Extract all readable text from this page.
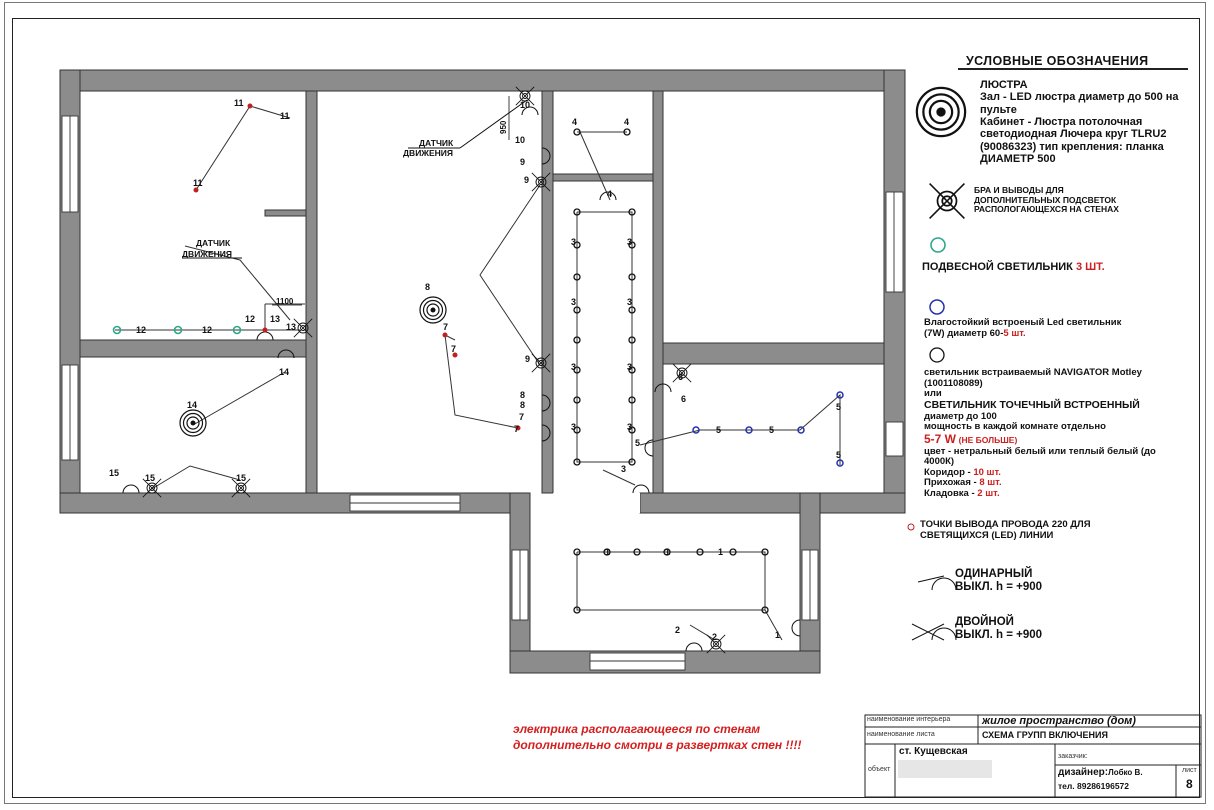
11
11
11
12	12
12 13
13
14
14
15	15	15
8
7
7
7
7
10
10
9
9
9
8
8
4	4
4
3	3
3	3
3	3
3	3
3
6
6
5
5	5
5
5
1	1	1
1
2
2
1100
950
ДАТЧИК
ДВИЖЕНИЯ
ДАТЧИК
ДВИЖЕНИЯ
УСЛОВНЫЕ ОБОЗНАЧЕНИЯ
ЛЮСТРА
Зал - LED люстра диаметр до 500 на пульте
Кабинет - Люстра потолочная светодиодная Лючера круг TLRU2 (90086323) тип крепления: планка ДИАМЕТР 500
БРА И ВЫВОДЫ ДЛЯ ДОПОЛНИТЕЛЬНЫХ ПОДСВЕТОК РАСПОЛОГАЮЩЕХСЯ НА СТЕНАХ
ПОДВЕСНОЙ СВЕТИЛЬНИК 3 ШТ.
Влагостойкий встроеный Led светильник (7W) диаметр 60-5 шт.
светильник встраиваемый NAVIGATOR Motley (1001108089)
или
СВЕТИЛЬНИК ТОЧЕЧНЫЙ ВСТРОЕННЫЙ
диаметр до 100
мощность в каждой комнате отдельно
5-7 W (НЕ БОЛЬШЕ)
цвет - нетральный белый или теплый белый (до 4000К)
Коридор - 10 шт.
Прихожая - 8 шт.
Кладовка - 2 шт.
ТОЧКИ ВЫВОДА ПРОВОДА 220 ДЛЯ СВЕТЯЩИХСЯ (LED) ЛИНИИ
ОДИНАРНЫЙ
ВЫКЛ. h = +900
ДВОЙНОЙ
ВЫКЛ. h = +900
электрика располагающееся по стенам
дополнительно смотри в развертках стен !!!!
наименование интерьера	жилое пространство (дом)
наименование листа	СХЕМА ГРУПП ВКЛЮЧЕНИЯ
объект
ст. Кущевская	заказчик:
дизайнер:Лобко В.
тел. 89286196572
лист
8
